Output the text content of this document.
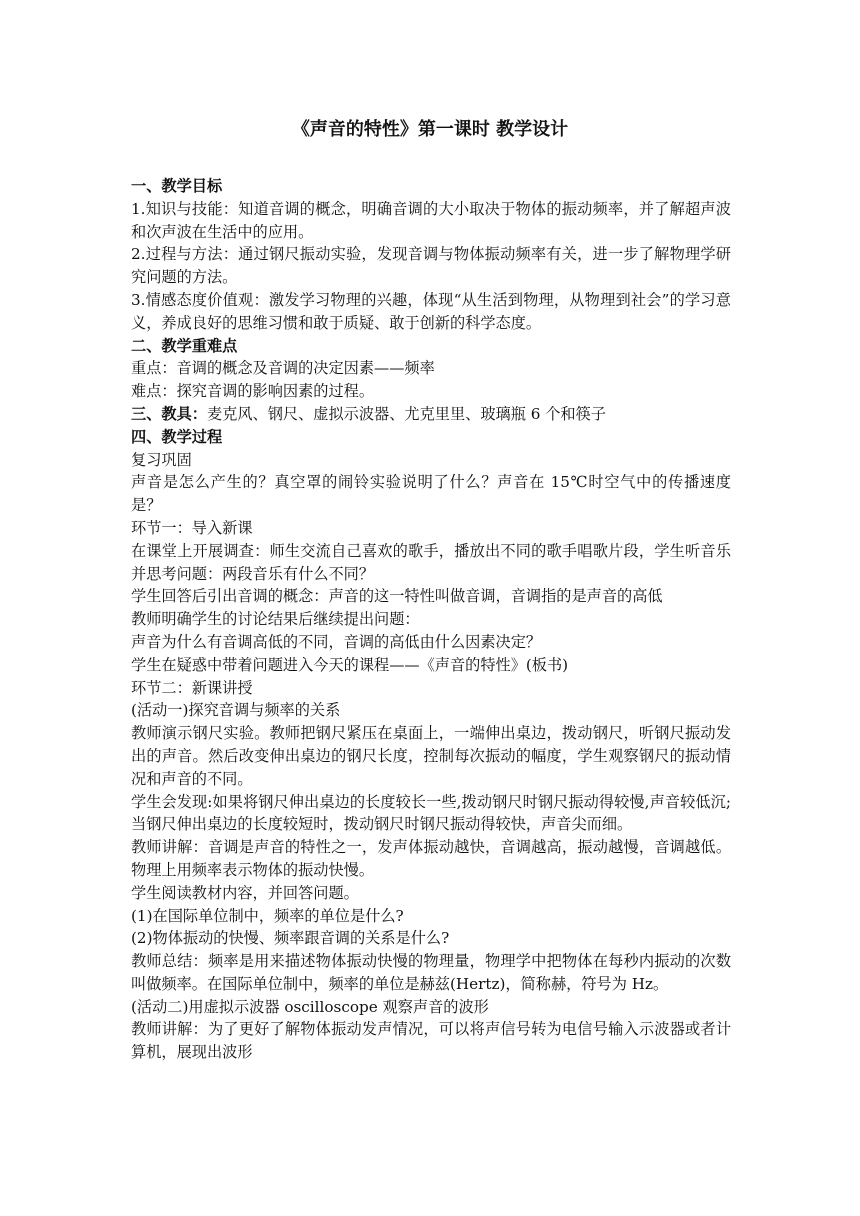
《声音的特性》第一课时 教学设计

一、教学目标

1.知识与技能：知道音调的概念，明确音调的大小取决于物体的振动频率，并了解超声波和次声波在生活中的应用。

2.过程与方法：通过钢尺振动实验，发现音调与物体振动频率有关，进一步了解物理学研究问题的方法。

3.情感态度价值观：激发学习物理的兴趣，体现“从生活到物理，从物理到社会”的学习意义，养成良好的思维习惯和敢于质疑、敢于创新的科学态度。

二、教学重难点

重点：音调的概念及音调的决定因素——频率

难点：探究音调的影响因素的过程。

三、教具：麦克风、钢尺、虚拟示波器、尤克里里、玻璃瓶 6 个和筷子

四、教学过程

复习巩固

声音是怎么产生的？真空罩的闹铃实验说明了什么？声音在 15℃时空气中的传播速度是？

环节一：导入新课

在课堂上开展调查：师生交流自己喜欢的歌手，播放出不同的歌手唱歌片段，学生听音乐并思考问题：两段音乐有什么不同？

学生回答后引出音调的概念：声音的这一特性叫做音调，音调指的是声音的高低

教师明确学生的讨论结果后继续提出问题：

声音为什么有音调高低的不同，音调的高低由什么因素决定？

学生在疑惑中带着问题进入今天的课程——《声音的特性》(板书)

环节二：新课讲授

(活动一)探究音调与频率的关系

教师演示钢尺实验。教师把钢尺紧压在桌面上，一端伸出桌边，拨动钢尺，听钢尺振动发出的声音。然后改变伸出桌边的钢尺长度，控制每次振动的幅度，学生观察钢尺的振动情况和声音的不同。

学生会发现:如果将钢尺伸出桌边的长度较长一些,拨动钢尺时钢尺振动得较慢,声音较低沉;当钢尺伸出桌边的长度较短时，拨动钢尺时钢尺振动得较快，声音尖而细。

教师讲解：音调是声音的特性之一，发声体振动越快，音调越高，振动越慢，音调越低。物理上用频率表示物体的振动快慢。

学生阅读教材内容，并回答问题。

(1)在国际单位制中，频率的单位是什么?

(2)物体振动的快慢、频率跟音调的关系是什么?

教师总结：频率是用来描述物体振动快慢的物理量，物理学中把物体在每秒内振动的次数叫做频率。在国际单位制中，频率的单位是赫兹(Hertz)，简称赫，符号为 Hz。

(活动二)用虚拟示波器 oscilloscope 观察声音的波形

教师讲解：为了更好了解物体振动发声情况，可以将声信号转为电信号输入示波器或者计算机，展现出波形
